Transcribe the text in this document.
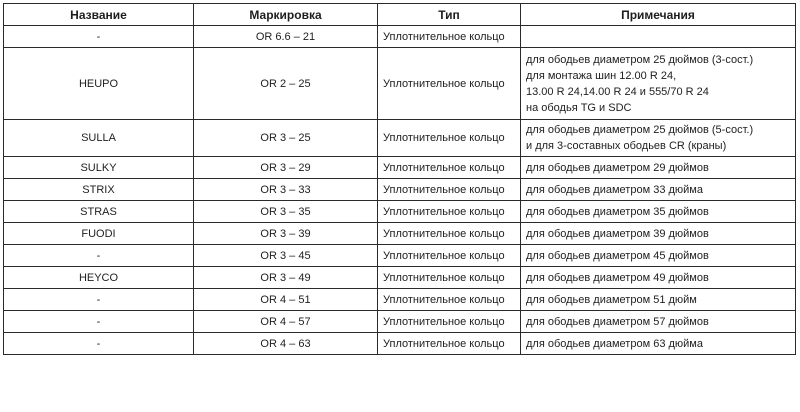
Название	Маркировка	Тип	Примечания
-	OR 6.6 – 21	Уплотнительное кольцо	
HEUPO	OR 2 – 25	Уплотнительное кольцо	для ободьев диаметром 25 дюймов (3-сост.)
для монтажа шин 12.00 R 24,
13.00 R 24,14.00 R 24 и 555/70 R 24
на ободья TG и SDC

SULLA	OR 3 – 25	Уплотнительное кольцо	для ободьев диаметром 25 дюймов (5-сост.)
и для 3-составных ободьев CR (краны)

SULKY	OR 3 – 29	Уплотнительное кольцо	для ободьев диаметром 29 дюймов
STRIX	OR 3 – 33	Уплотнительное кольцо	для ободьев диаметром 33 дюйма
STRAS	OR 3 – 35	Уплотнительное кольцо	для ободьев диаметром 35 дюймов
FUODI	OR 3 – 39	Уплотнительное кольцо	для ободьев диаметром 39 дюймов
-	OR 3 – 45	Уплотнительное кольцо	для ободьев диаметром 45 дюймов
HEYCO	OR 3 – 49	Уплотнительное кольцо	для ободьев диаметром 49 дюймов
-	OR 4 – 51	Уплотнительное кольцо	для ободьев диаметром 51 дюйм
-	OR 4 – 57	Уплотнительное кольцо	для ободьев диаметром 57 дюймов
-	OR 4 – 63	Уплотнительное кольцо	для ободьев диаметром 63 дюйма
